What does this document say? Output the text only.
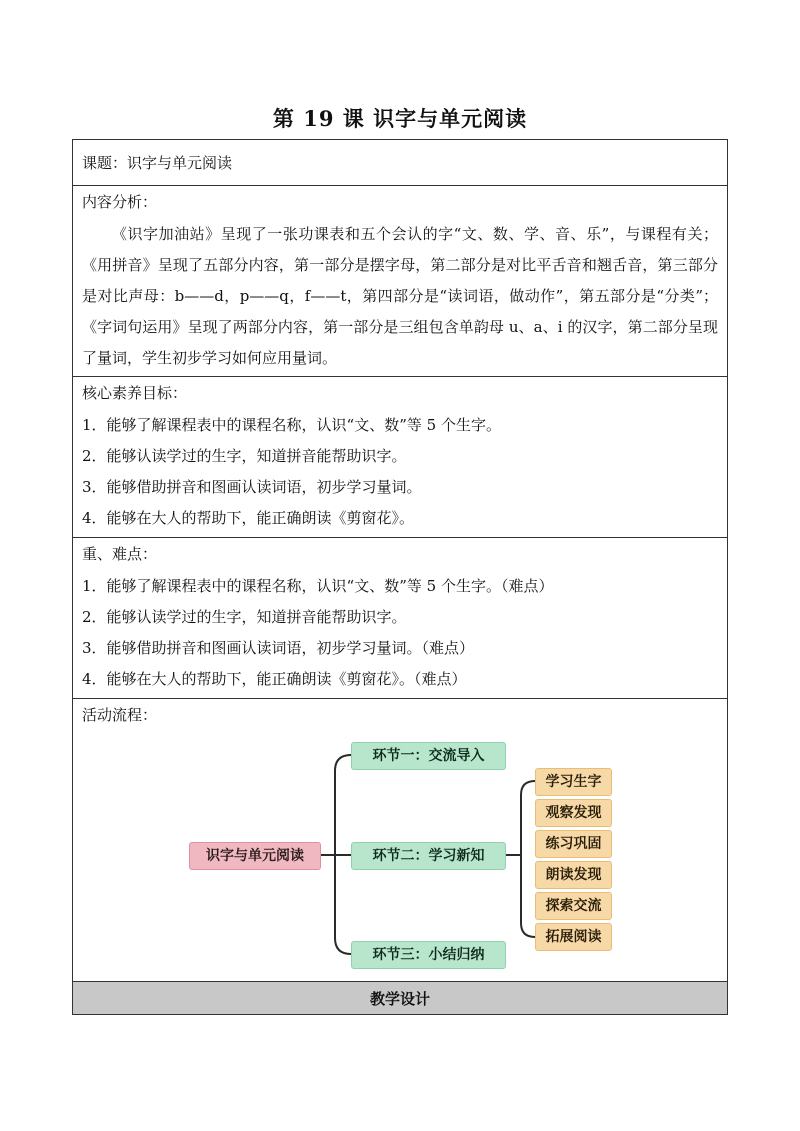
第 19 课 识字与单元阅读
课题：识字与单元阅读

内容分析：

《识字加油站》呈现了一张功课表和五个会认的字“文、数、学、音、乐”，与课程有关；《用拼音》呈现了五部分内容，第一部分是摆字母，第二部分是对比平舌音和翘舌音，第三部分是对比声母：b——d，p——q，f——t，第四部分是“读词语，做动作”，第五部分是“分类”；《字词句运用》呈现了两部分内容，第一部分是三组包含单韵母 u、a、i 的汉字，第二部分呈现了量词，学生初步学习如何应用量词。

核心素养目标：
1．能够了解课程表中的课程名称，认识“文、数”等 5 个生字。
2．能够认读学过的生字，知道拼音能帮助识字。
3．能够借助拼音和图画认读词语，初步学习量词。
4．能够在大人的帮助下，能正确朗读《剪窗花》。

重、难点：
1．能够了解课程表中的课程名称，认识“文、数”等 5 个生字。（难点）
2．能够认读学过的生字，知道拼音能帮助识字。
3．能够借助拼音和图画认读词语，初步学习量词。（难点）
4．能够在大人的帮助下，能正确朗读《剪窗花》。（难点）

活动流程：
识字与单元阅读
环节一：交流导入
环节二：学习新知
环节三：小结归纳
学习生字
观察发现
练习巩固
朗读发现
探索交流
拓展阅读

教学设计
